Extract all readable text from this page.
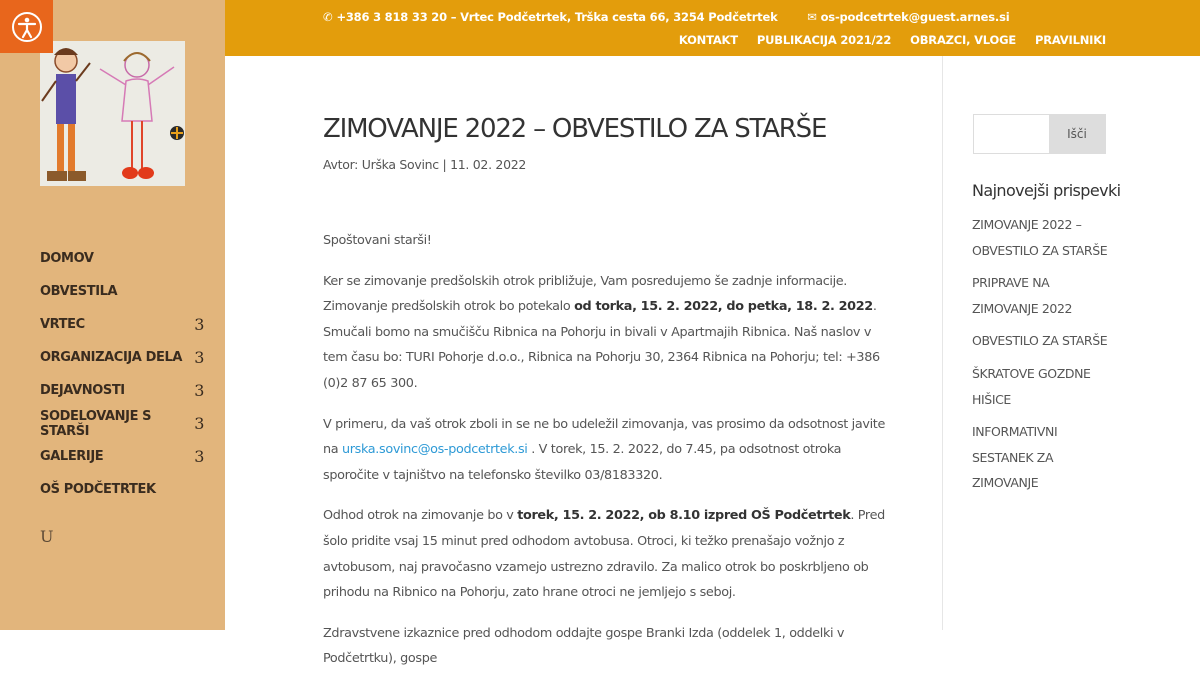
DOMOV
OBVESTILA
VRTEC	3
ORGANIZACIJA DELA 3
DEJAVNOSTI	3
SODELOVANJE S STARŠI	3
GALERIJE	3
OŠ PODČETRTEK
U
✆ +386 3 818 33 20 – Vrtec Podčetrtek, Trška cesta 66, 3254 Podčetrtek	✉ os-podcetrtek@guest.arnes.si
KONTAKT PUBLIKACIJA 2021/22 OBRAZCI, VLOGE PRAVILNIKI
ZIMOVANJE 2022 – OBVESTILO ZA STARŠE
Avtor: Urška Sovinc | 11. 02. 2022

Spoštovani starši!

Ker se zimovanje predšolskih otrok približuje, Vam posredujemo še zadnje informacije. Zimovanje predšolskih otrok bo potekalo od torka, 15. 2. 2022, do petka, 18. 2. 2022. Smučali bomo na smučišču Ribnica na Pohorju in bivali v Apartmajih Ribnica. Naš naslov v tem času bo: TURI Pohorje d.o.o., Ribnica na Pohorju 30, 2364 Ribnica na Pohorju; tel: +386 (0)2 87 65 300.

V primeru, da vaš otrok zboli in se ne bo udeležil zimovanja, vas prosimo da odsotnost javite na urska.sovinc@os-podcetrtek.si . V torek, 15. 2. 2022, do 7.45, pa odsotnost otroka sporočite v tajništvo na telefonsko številko 03/8183320.

Odhod otrok na zimovanje bo v torek, 15. 2. 2022, ob 8.10 izpred OŠ Podčetrtek. Pred šolo pridite vsaj 15 minut pred odhodom avtobusa. Otroci, ki težko prenašajo vožnjo z avtobusom, naj pravočasno vzamejo ustrezno zdravilo. Za malico otrok bo poskrbljeno ob prihodu na Ribnico na Pohorju, zato hrane otroci ne jemljejo s seboj.

Zdravstvene izkaznice pred odhodom oddajte gospe Branki Izda (oddelek 1, oddelki v Podčetrtku), gospe

Išči
Najnovejši prispevki
ZIMOVANJE 2022 – OBVESTILO ZA STARŠE
PRIPRAVE NA ZIMOVANJE 2022
OBVESTILO ZA STARŠE
ŠKRATOVE GOZDNE HIŠICE
INFORMATIVNI SESTANEK ZA ZIMOVANJE
